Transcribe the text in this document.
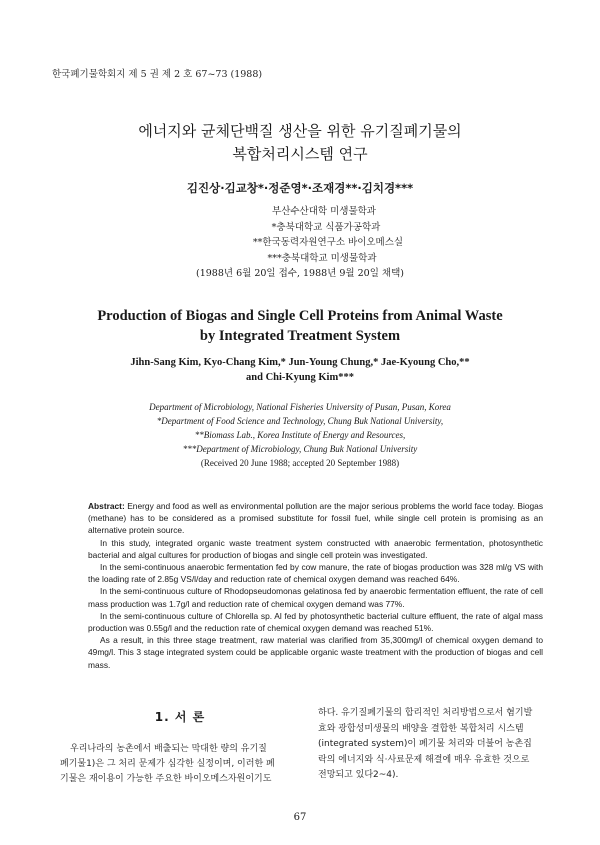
한국폐기물학회지 제 5 권 제 2 호 67~73 (1988)
에너지와 균체단백질 생산을 위한 유기질폐기물의
복합처리시스템 연구
김진상·김교창*·정준영*·조재경**·김치경***
부산수산대학 미생물학과
*충북대학교 식품가공학과
**한국동력자원연구소 바이오메스실
***충북대학교 미생물학과
(1988년 6월 20일 접수, 1988년 9월 20일 채택)
Production of Biogas and Single Cell Proteins from Animal Waste
by Integrated Treatment System
Jihn-Sang Kim, Kyo-Chang Kim,* Jun-Young Chung,* Jae-Kyoung Cho,**
and Chi-Kyung Kim***
Department of Microbiology, National Fisheries University of Pusan, Pusan, Korea
*Department of Food Science and Technology, Chung Buk National University,
**Biomass Lab., Korea Institute of Energy and Resources,
***Department of Microbiology, Chung Buk National University
(Received 20 June 1988; accepted 20 September 1988)

Abstract: Energy and food as well as environmental pollution are the major serious problems the world face today. Biogas (methane) has to be considered as a promised substitute for fossil fuel, while single cell protein is promising as an alternative protein source.

In this study, integrated organic waste treatment system constructed with anaerobic fermentation, photosynthetic bacterial and algal cultures for production of biogas and single cell protein was investigated.

In the semi-continuous anaerobic fermentation fed by cow manure, the rate of biogas production was 328 ml/g VS with the loading rate of 2.85g VS/l/day and reduction rate of chemical oxygen demand was reached 64%.

In the semi-continuous culture of Rhodopseudomonas gelatinosa fed by anaerobic fermentation effluent, the rate of cell mass production was 1.7g/l and reduction rate of chemical oxygen demand was 77%.

In the semi-continuous culture of Chlorella sp. Al fed by photosynthetic bacterial culture effluent, the rate of algal mass production was 0.55g/l and the reduction rate of chemical oxygen demand was reached 51%.

As a result, in this three stage treatment, raw material was clarified from 35,300mg/l of chemical oxygen demand to 49mg/l. This 3 stage integrated system could be applicable organic waste treatment with the production of biogas and cell mass.

1. 서 론
우리나라의 농촌에서 배출되는 막대한 량의 유기질
폐기물1)은 그 처리 문제가 심각한 실정이며, 이러한 폐
기물은 재이용이 가능한 주요한 바이오메스자원이기도
하다. 유기질폐기물의 합리적인 처리방법으로서 혐기발
효와 광합성미생물의 배양을 결합한 복합처리 시스템
(integrated system)이 폐기물 처리와 더불어 농촌집
락의 에너지와 식·사료문제 해결에 매우 유효한 것으로
전망되고 있다2~4).
67
